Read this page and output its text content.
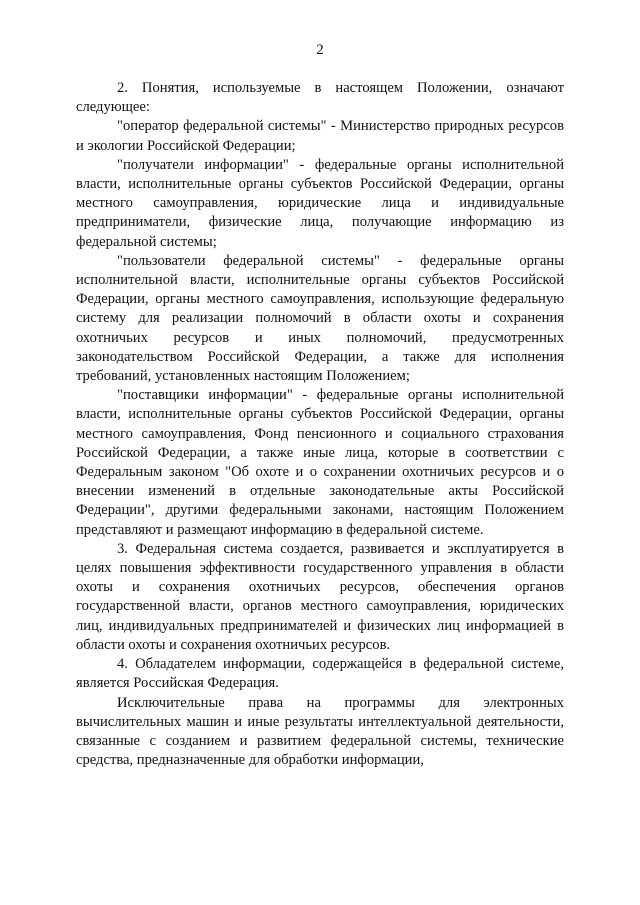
2

2. Понятия, используемые в настоящем Положении, означают следующее:

"оператор федеральной системы" - Министерство природных ресурсов и экологии Российской Федерации;

"получатели информации" - федеральные органы исполнительной власти, исполнительные органы субъектов Российской Федерации, органы местного самоуправления, юридические лица и индивидуальные предприниматели, физические лица, получающие информацию из федеральной системы;

"пользователи федеральной системы" - федеральные органы исполнительной власти, исполнительные органы субъектов Российской Федерации, органы местного самоуправления, использующие федеральную систему для реализации полномочий в области охоты и сохранения охотничьих ресурсов и иных полномочий, предусмотренных законодательством Российской Федерации, а также для исполнения требований, установленных настоящим Положением;

"поставщики информации" - федеральные органы исполнительной власти, исполнительные органы субъектов Российской Федерации, органы местного самоуправления, Фонд пенсионного и социального страхования Российской Федерации, а также иные лица, которые в соответствии с Федеральным законом "Об охоте и о сохранении охотничьих ресурсов и о внесении изменений в отдельные законодательные акты Российской Федерации", другими федеральными законами, настоящим Положением представляют и размещают информацию в федеральной системе.

3. Федеральная система создается, развивается и эксплуатируется в целях повышения эффективности государственного управления в области охоты и сохранения охотничьих ресурсов, обеспечения органов государственной власти, органов местного самоуправления, юридических лиц, индивидуальных предпринимателей и физических лиц информацией в области охоты и сохранения охотничьих ресурсов.

4. Обладателем информации, содержащейся в федеральной системе, является Российская Федерация.

Исключительные права на программы для электронных вычислительных машин и иные результаты интеллектуальной деятельности, связанные с созданием и развитием федеральной системы, технические средства, предназначенные для обработки информации,
